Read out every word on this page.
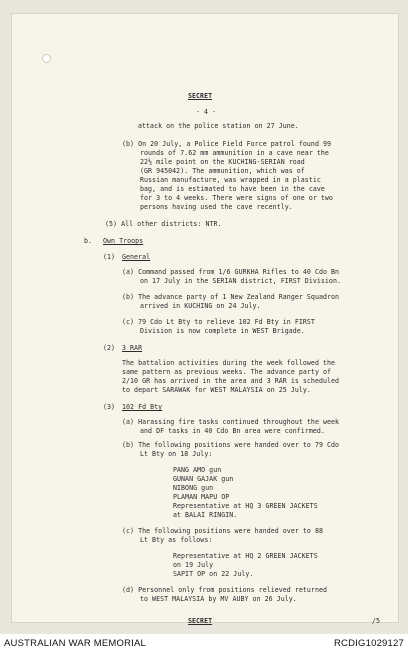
SECRET
- 4 -
attack on the police station on 27 June.
(b) On 20 July, a Police Field Force patrol found 99
rounds of 7.62 mm ammunition in a cave near the
22½ mile point on the KUCHING-SERIAN road
(GR 945042). The ammunition, which was of
Russian manufacture, was wrapped in a plastic
bag, and is estimated to have been in the cave
for 3 to 4 weeks. There were signs of one or two
persons having used the cave recently.
(5) All other districts: NTR.
b. Own Troops
(1) General
(a) Command passed from 1/6 GURKHA Rifles to 40 Cdo Bn
on 17 July in the SERIAN district, FIRST Division.
(b) The advance party of 1 New Zealand Ranger Squadron
arrived in KUCHING on 24 July.
(c) 79 Cdo Lt Bty to relieve 102 Fd Bty in FIRST
Division is now complete in WEST Brigade.
(2) 3 RAR
The battalion activities during the week followed the
same pattern as previous weeks. The advance party of
2/10 GR has arrived in the area and 3 RAR is scheduled
to depart SARAWAK for WEST MALAYSIA on 25 July.
(3) 102 Fd Bty
(a) Harassing fire tasks continued throughout the week
and DF tasks in 40 Cdo Bn area were confirmed.
(b) The following positions were handed over to 79 Cdo
Lt Bty on 18 July:
PANG AMO gun
GUNAN GAJAK gun
NIBONG gun
PLAMAN MAPU OP
Representative at HQ 3 GREEN JACKETS
at BALAI RINGIN.
(c) The following positions were handed over to 88
Lt Bty as follows:
Representative at HQ 2 GREEN JACKETS
on 19 July
SAPIT OP on 22 July.
(d) Personnel only from positions relieved returned
to WEST MALAYSIA by MV AUBY on 26 July.
SECRET	/5
AUSTRALIAN WAR MEMORIAL	RCDIG1029127
